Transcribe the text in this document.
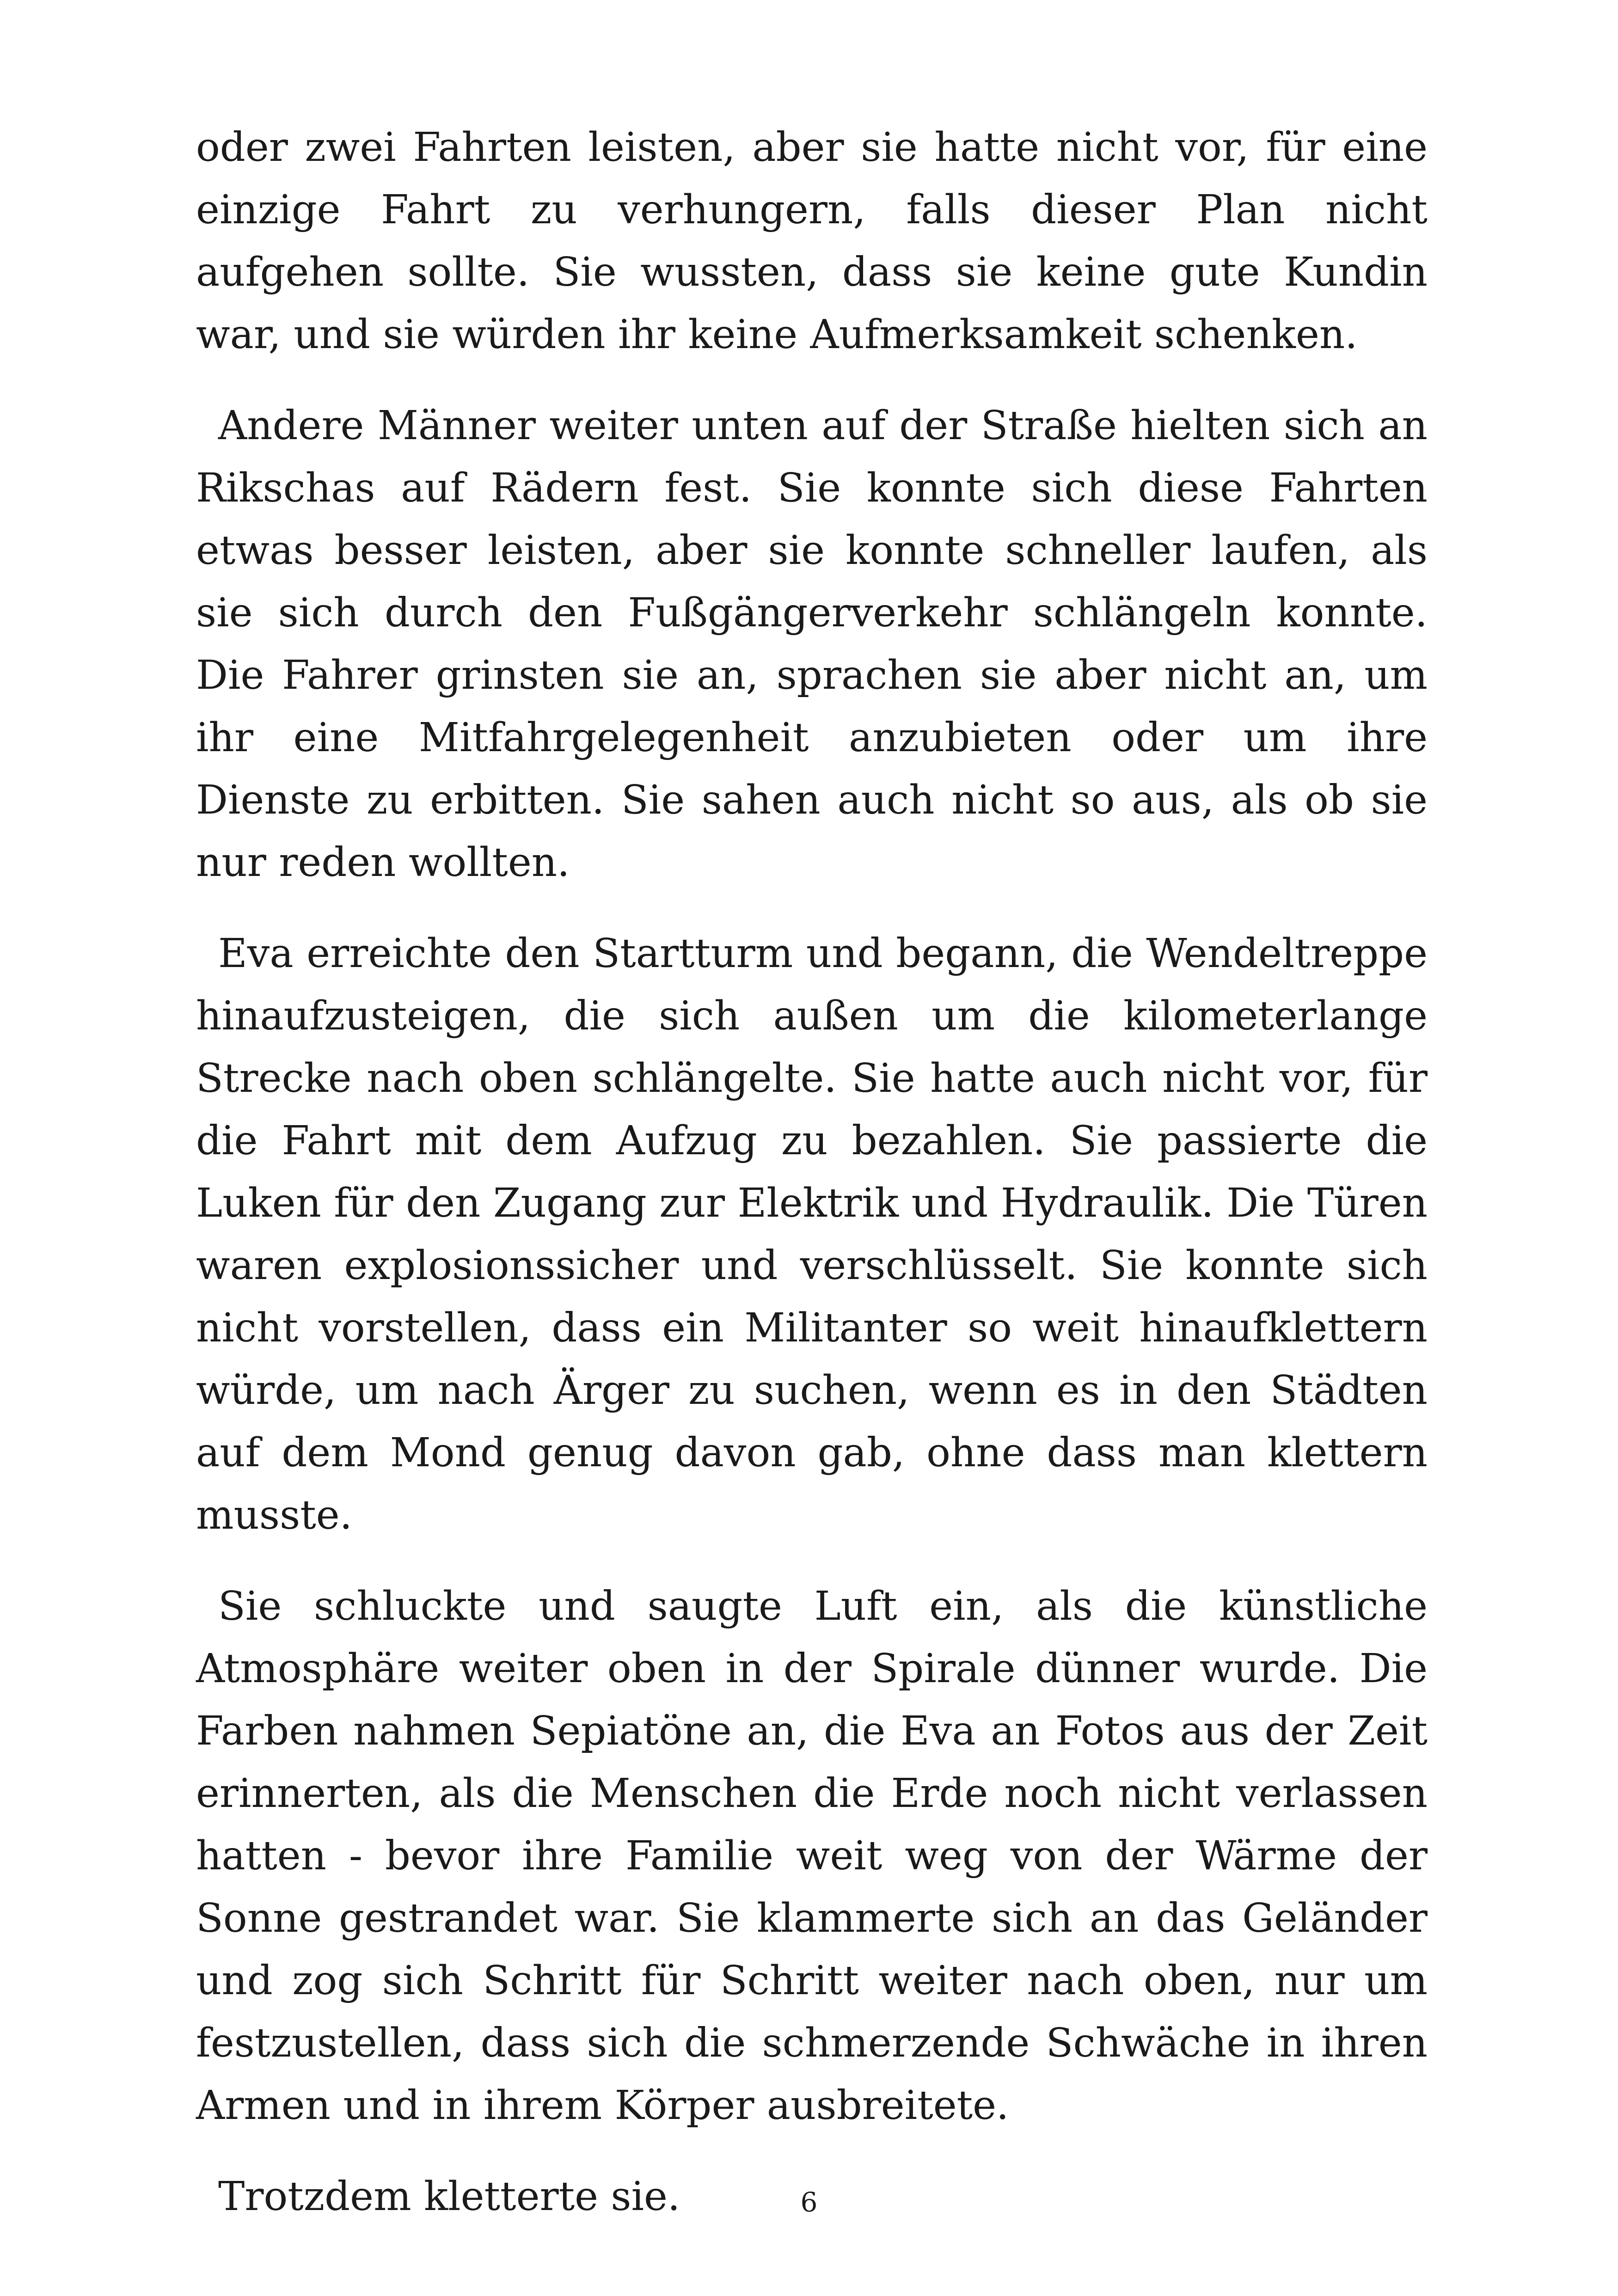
oder zwei Fahrten leisten, aber sie hatte nicht vor, für eine einzige Fahrt zu verhungern, falls dieser Plan nicht aufgehen sollte. Sie wussten, dass sie keine gute Kundin war, und sie würden ihr keine Aufmerksamkeit schenken.

Andere Männer weiter unten auf der Straße hielten sich an Rikschas auf Rädern fest. Sie konnte sich diese Fahrten etwas besser leisten, aber sie konnte schneller laufen, als sie sich durch den Fußgängerverkehr schlängeln konnte. Die Fahrer grinsten sie an, sprachen sie aber nicht an, um ihr eine Mitfahrgelegenheit anzubieten oder um ihre Dienste zu erbitten. Sie sahen auch nicht so aus, als ob sie nur reden wollten.

Eva erreichte den Startturm und begann, die Wendeltreppe hinaufzusteigen, die sich außen um die kilometerlange Strecke nach oben schlängelte. Sie hatte auch nicht vor, für die Fahrt mit dem Aufzug zu bezahlen. Sie passierte die Luken für den Zugang zur Elektrik und Hydraulik. Die Türen waren explosionssicher und verschlüsselt. Sie konnte sich nicht vorstellen, dass ein Militanter so weit hinaufklettern würde, um nach Ärger zu suchen, wenn es in den Städten auf dem Mond genug davon gab, ohne dass man klettern musste.

Sie schluckte und saugte Luft ein, als die künstliche Atmosphäre weiter oben in der Spirale dünner wurde. Die Farben nahmen Sepiatöne an, die Eva an Fotos aus der Zeit erinnerten, als die Menschen die Erde noch nicht verlassen hatten - bevor ihre Familie weit weg von der Wärme der Sonne gestrandet war. Sie klammerte sich an das Geländer und zog sich Schritt für Schritt weiter nach oben, nur um festzustellen, dass sich die schmerzende Schwäche in ihren Armen und in ihrem Körper ausbreitete.

Trotzdem kletterte sie.	6
